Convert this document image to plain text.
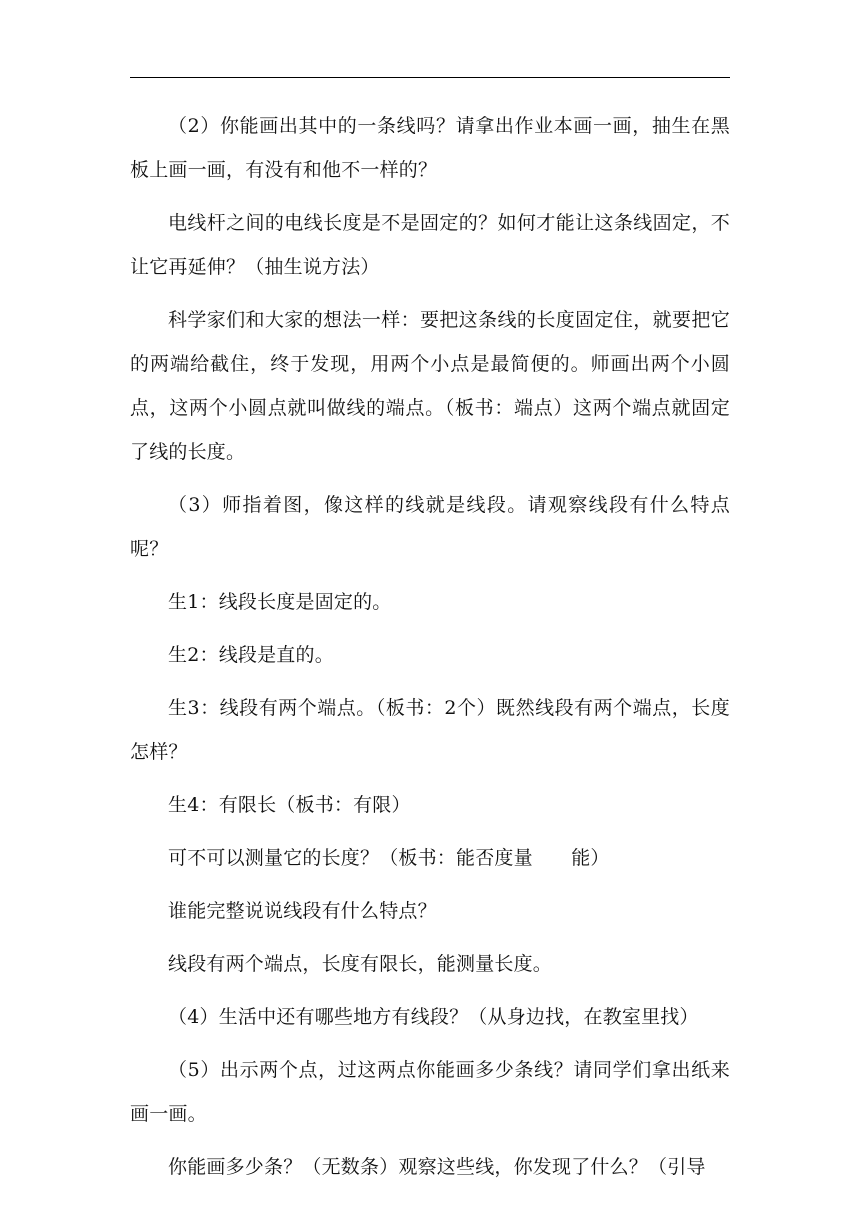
（2）你能画出其中的一条线吗？请拿出作业本画一画，抽生在黑板上画一画，有没有和他不一样的？

电线杆之间的电线长度是不是固定的？如何才能让这条线固定，不让它再延伸？（抽生说方法）

科学家们和大家的想法一样：要把这条线的长度固定住，就要把它的两端给截住，终于发现，用两个小点是最简便的。师画出两个小圆点，这两个小圆点就叫做线的端点。（板书：端点）这两个端点就固定了线的长度。

（3）师指着图，像这样的线就是线段。请观察线段有什么特点呢？

生1：线段长度是固定的。

生2：线段是直的。

生3：线段有两个端点。（板书：2个）既然线段有两个端点，长度怎样？

生4：有限长（板书：有限）

可不可以测量它的长度？（板书：能否度量　　能）

谁能完整说说线段有什么特点？

线段有两个端点，长度有限长，能测量长度。

（4）生活中还有哪些地方有线段？（从身边找，在教室里找）

（5）出示两个点，过这两点你能画多少条线？请同学们拿出纸来画一画。

你能画多少条？（无数条）观察这些线，你发现了什么？（引导
